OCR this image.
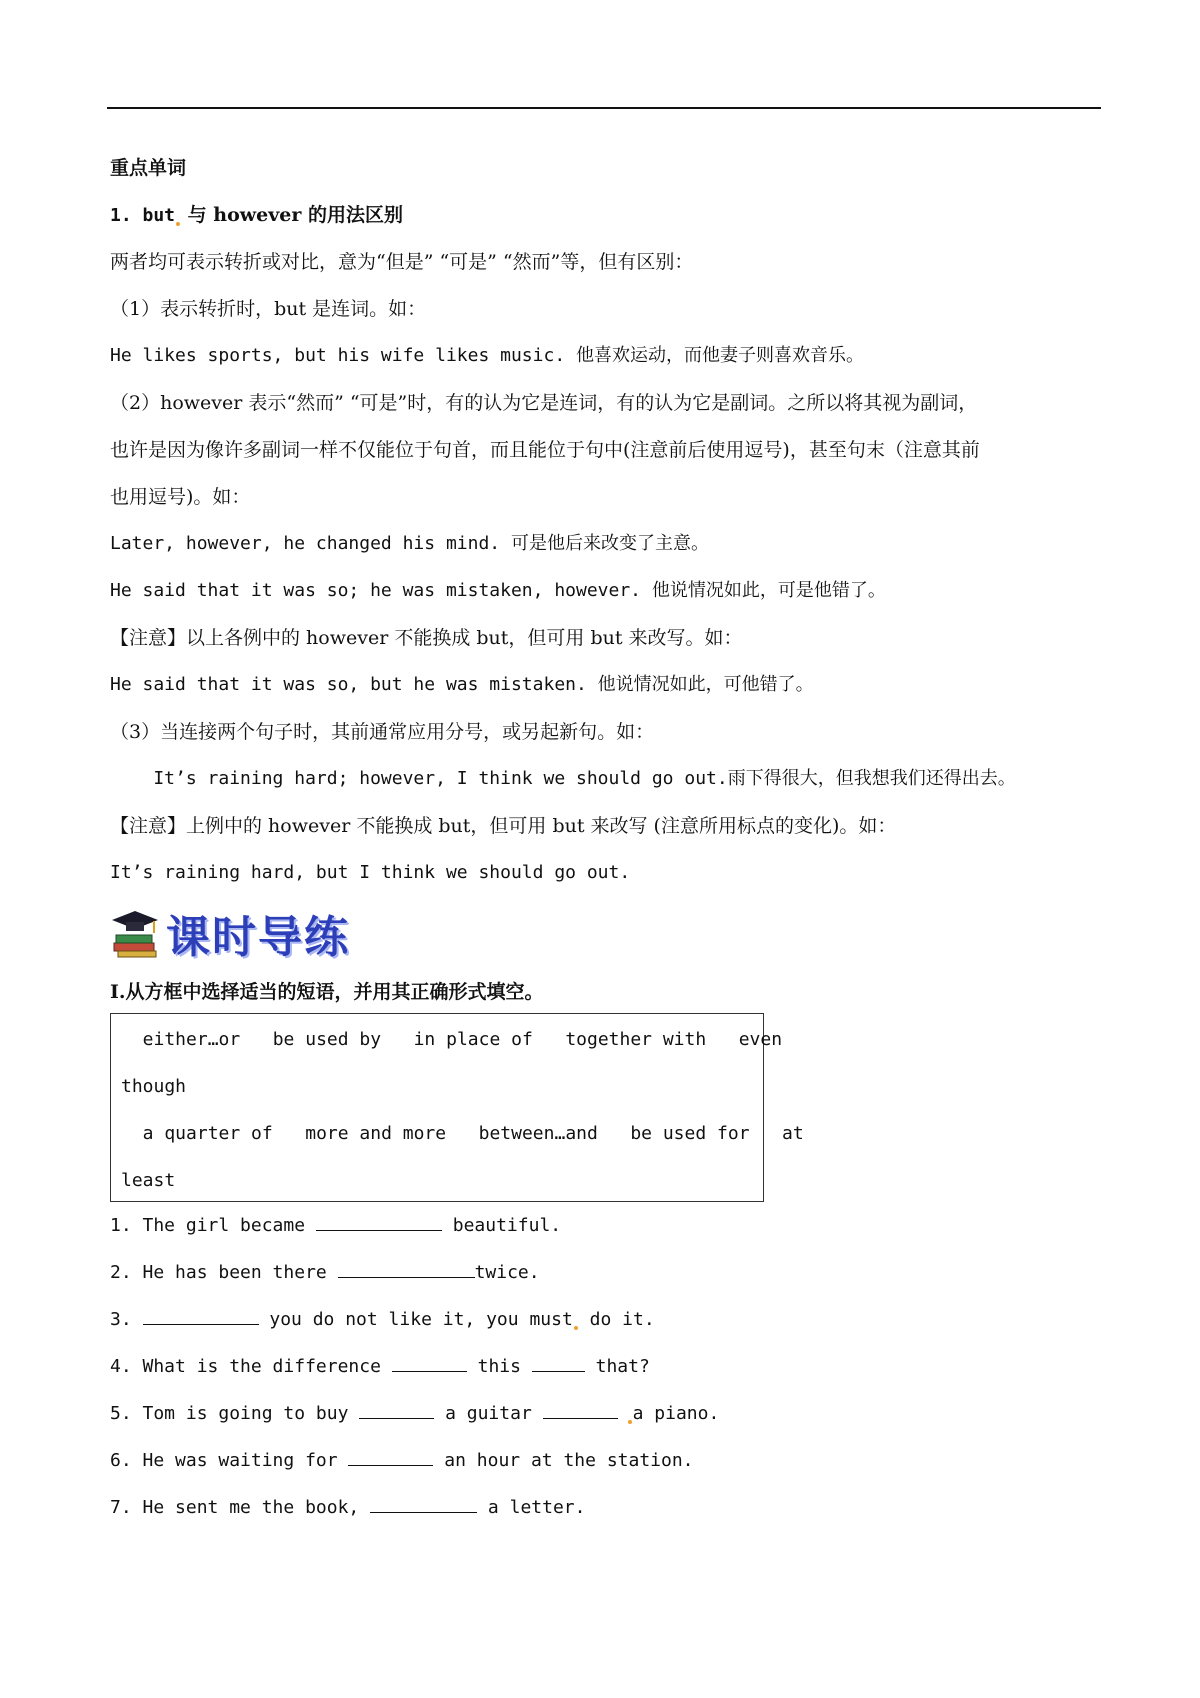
重点单词
1. but 与 however 的用法区别
两者均可表示转折或对比，意为“但是” “可是” “然而”等，但有区别：
（1）表示转折时，but 是连词。如：
He likes sports, but his wife likes music. 他喜欢运动，而他妻子则喜欢音乐。
（2）however 表示“然而” “可是”时，有的认为它是连词，有的认为它是副词。之所以将其视为副词，
也许是因为像许多副词一样不仅能位于句首，而且能位于句中(注意前后使用逗号)，甚至句末（注意其前
也用逗号)。如：
Later, however, he changed his mind. 可是他后来改变了主意。
He said that it was so; he was mistaken, however. 他说情况如此，可是他错了。
【注意】以上各例中的 however 不能换成 but，但可用 but 来改写。如：
He said that it was so, but he was mistaken. 他说情况如此，可他错了。
（3）当连接两个句子时，其前通常应用分号，或另起新句。如：
It’s raining hard; however, I think we should go out.雨下得很大，但我想我们还得出去。
【注意】上例中的 however 不能换成 but，但可用 but 来改写 (注意所用标点的变化)。如：
It’s raining hard, but I think we should go out.
课时导练
Ⅰ.从方框中选择适当的短语，并用其正确形式填空。
either…or   be used by   in place of   together with   even
though
a quarter of   more and more   between…and   be used for   at
least
1. The girl became	beautiful.
2. He has been there	twice.
3.	you do not like it, you must do it.
4. What is the difference	this	that?
5. Tom is going to buy	a guitar	a piano.
6. He was waiting for	an hour at the station.
7. He sent me the book,	a letter.
